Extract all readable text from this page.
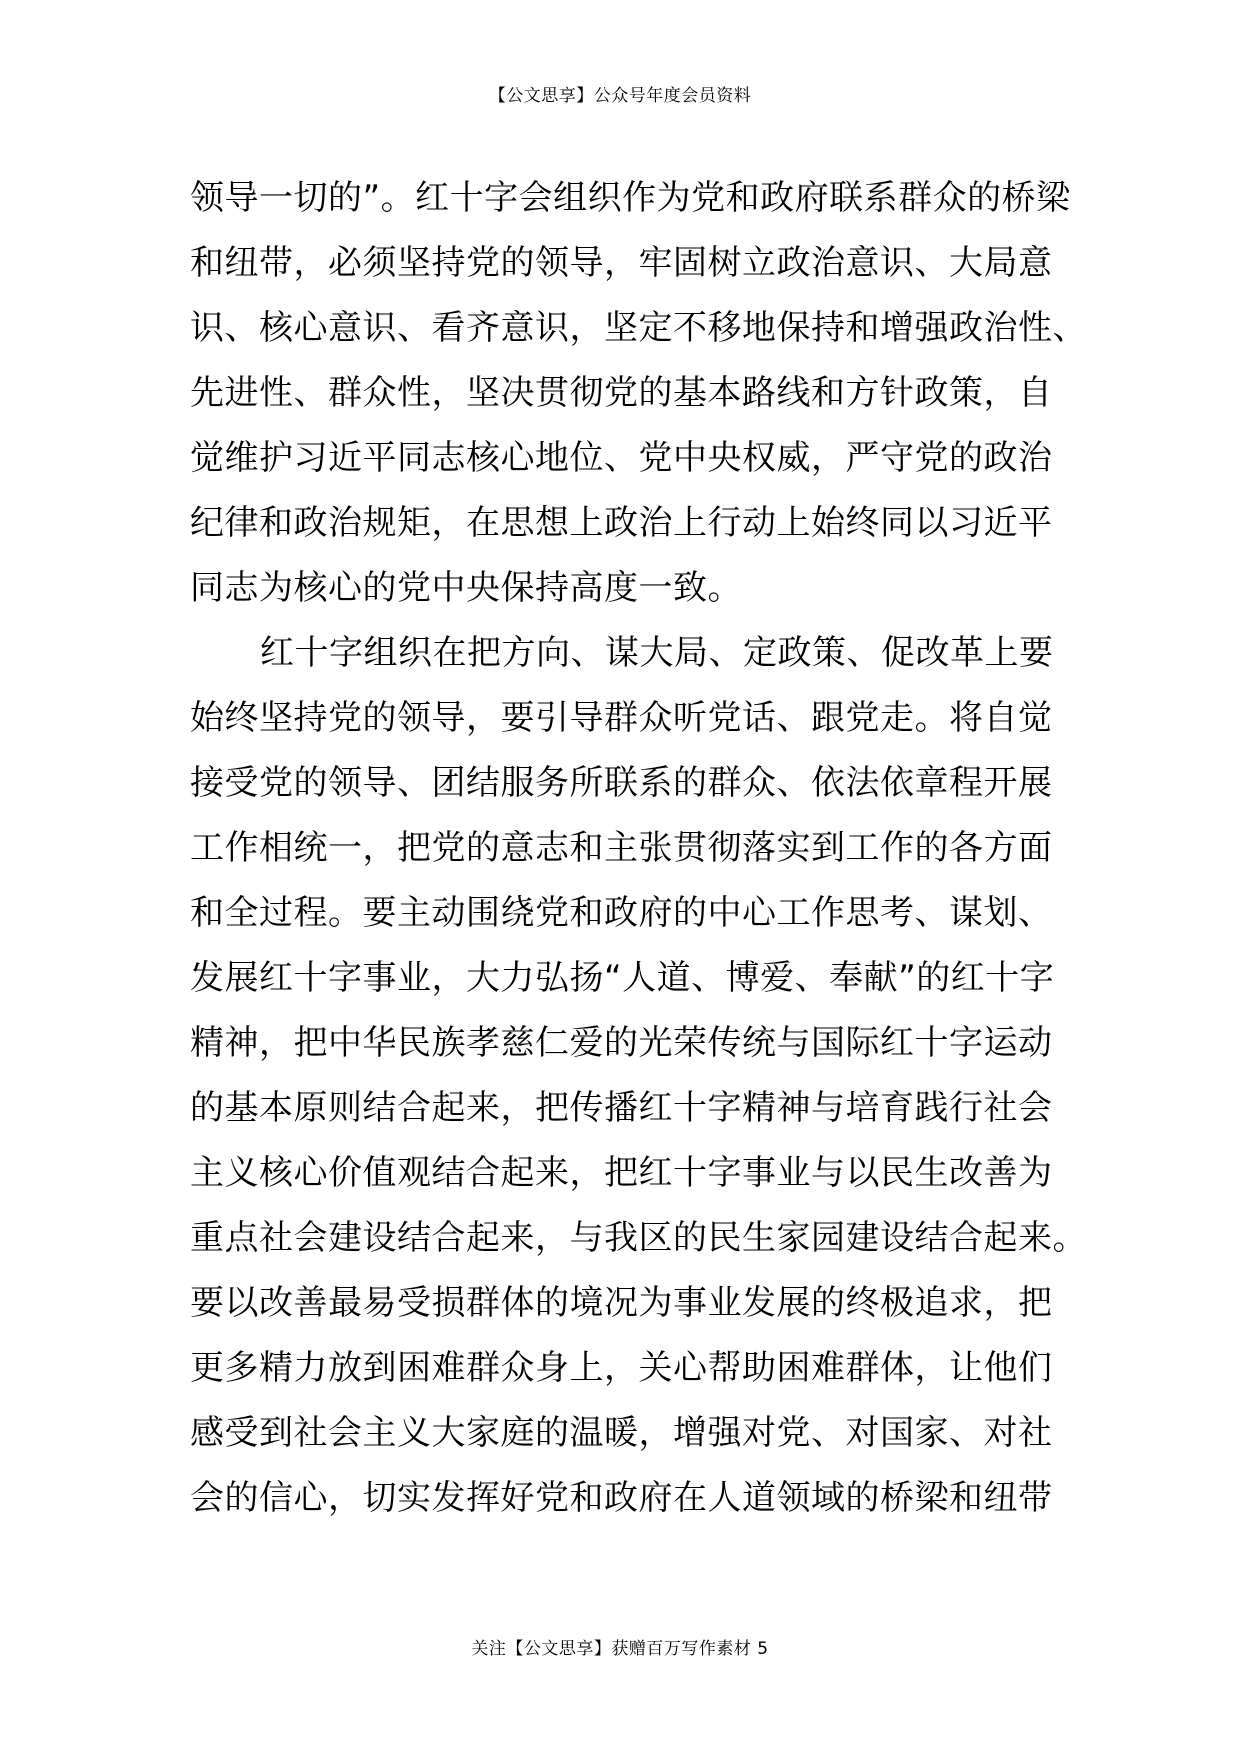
【公文思享】公众号年度会员资料
领导一切的”。红十字会组织作为党和政府联系群众的桥梁
和纽带，必须坚持党的领导，牢固树立政治意识、大局意
识、核心意识、看齐意识，坚定不移地保持和增强政治性、
先进性、群众性，坚决贯彻党的基本路线和方针政策，自
觉维护习近平同志核心地位、党中央权威，严守党的政治
纪律和政治规矩，在思想上政治上行动上始终同以习近平
同志为核心的党中央保持高度一致。
红十字组织在把方向、谋大局、定政策、促改革上要
始终坚持党的领导，要引导群众听党话、跟党走。将自觉
接受党的领导、团结服务所联系的群众、依法依章程开展
工作相统一，把党的意志和主张贯彻落实到工作的各方面
和全过程。要主动围绕党和政府的中心工作思考、谋划、
发展红十字事业，大力弘扬“人道、博爱、奉献”的红十字
精神，把中华民族孝慈仁爱的光荣传统与国际红十字运动
的基本原则结合起来，把传播红十字精神与培育践行社会
主义核心价值观结合起来，把红十字事业与以民生改善为
重点社会建设结合起来，与我区的民生家园建设结合起来。
要以改善最易受损群体的境况为事业发展的终极追求，把
更多精力放到困难群众身上，关心帮助困难群体，让他们
感受到社会主义大家庭的温暖，增强对党、对国家、对社
会的信心，切实发挥好党和政府在人道领域的桥梁和纽带
关注【公文思享】获赠百万写作素材 5
